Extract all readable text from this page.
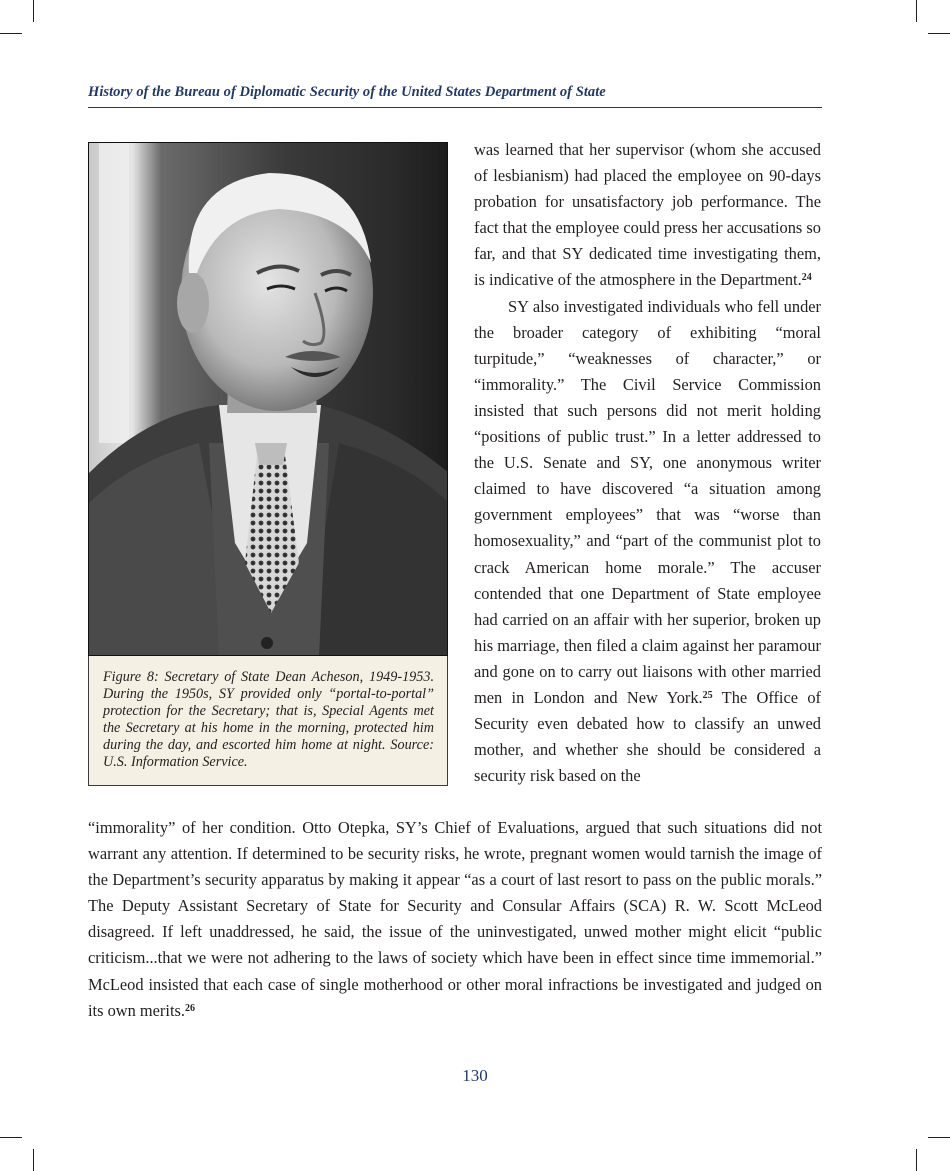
History of the Bureau of Diplomatic Security of the United States Department of State
Figure 8: Secretary of State Dean Acheson, 1949-1953. During the 1950s, SY provided only “portal-to-portal” protection for the Secretary; that is, Special Agents met the Secretary at his home in the morning, protected him during the day, and escorted him home at night. Source: U.S. Information Service.

was learned that her supervisor (whom she accused of lesbianism) had placed the employee on 90-days probation for unsatisfactory job performance. The fact that the employee could press her accusations so far, and that SY dedicated time investigating them, is indicative of the atmosphere in the Department.$^{24}$

SY also investigated individuals who fell under the broader category of exhibiting “moral turpitude,” “weaknesses of character,” or “immorality.” The Civil Service Commission insisted that such persons did not merit holding “positions of public trust.” In a letter addressed to the U.S. Senate and SY, one anonymous writer claimed to have discovered “a situation among government employees” that was “worse than homosexuality,” and “part of the communist plot to crack American home morale.” The accuser contended that one Department of State employee had carried on an affair with her superior, broken up his marriage, then filed a claim against her paramour and gone on to carry out liaisons with other married men in London and New York.$^{25}$ The Office of Security even debated how to classify an unwed mother, and whether she should be considered a security risk based on the

“immorality” of her condition. Otto Otepka, SY’s Chief of Evaluations, argued that such situations did not warrant any attention. If determined to be security risks, he wrote, pregnant women would tarnish the image of the Department’s security apparatus by making it appear “as a court of last resort to pass on the public morals.” The Deputy Assistant Secretary of State for Security and Consular Affairs (SCA) R. W. Scott McLeod disagreed. If left unaddressed, he said, the issue of the uninvestigated, unwed mother might elicit “public criticism...that we were not adhering to the laws of society which have been in effect since time immemorial.” McLeod insisted that each case of single motherhood or other moral infractions be investigated and judged on its own merits.$^{26}$

130
